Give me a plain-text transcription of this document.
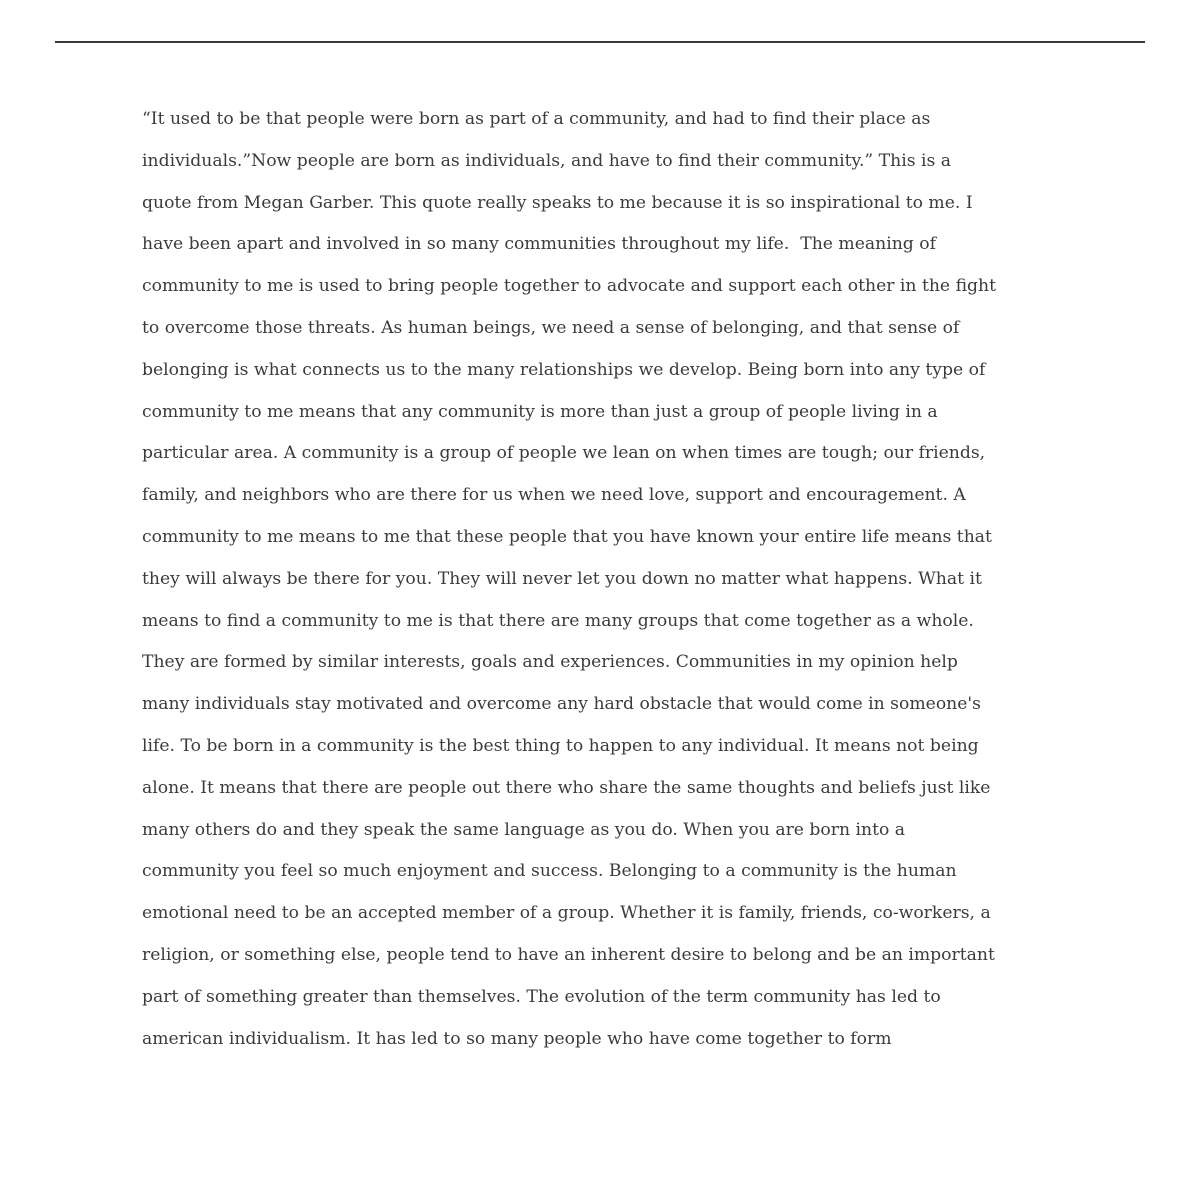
“It used to be that people were born as part of a community, and had to find their place as
individuals.”Now people are born as individuals, and have to find their community.” This is a
quote from Megan Garber. This quote really speaks to me because it is so inspirational to me. I
have been apart and involved in so many communities throughout my life.  The meaning of
community to me is used to bring people together to advocate and support each other in the fight
to overcome those threats. As human beings, we need a sense of belonging, and that sense of
belonging is what connects us to the many relationships we develop. Being born into any type of
community to me means that any community is more than just a group of people living in a
particular area. A community is a group of people we lean on when times are tough; our friends,
family, and neighbors who are there for us when we need love, support and encouragement. A
community to me means to me that these people that you have known your entire life means that
they will always be there for you. They will never let you down no matter what happens. What it
means to find a community to me is that there are many groups that come together as a whole.
They are formed by similar interests, goals and experiences. Communities in my opinion help
many individuals stay motivated and overcome any hard obstacle that would come in someone's
life. To be born in a community is the best thing to happen to any individual. It means not being
alone. It means that there are people out there who share the same thoughts and beliefs just like
many others do and they speak the same language as you do. When you are born into a
community you feel so much enjoyment and success. Belonging to a community is the human
emotional need to be an accepted member of a group. Whether it is family, friends, co-workers, a
religion, or something else, people tend to have an inherent desire to belong and be an important
part of something greater than themselves. The evolution of the term community has led to
american individualism. It has led to so many people who have come together to form
